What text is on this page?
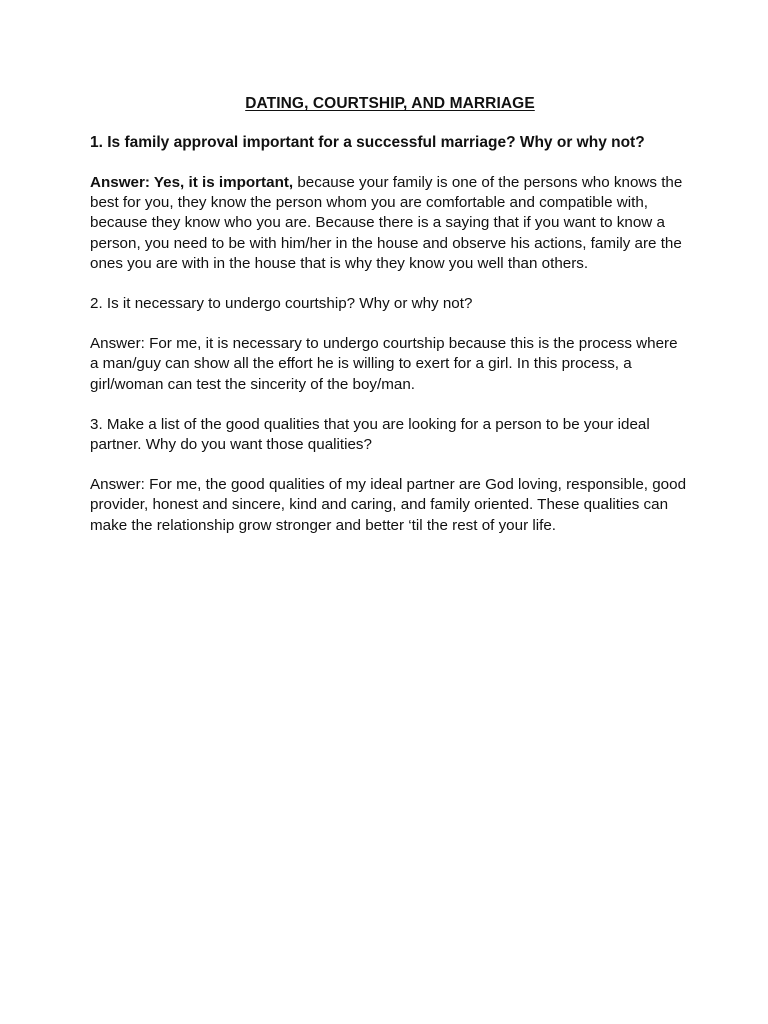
DATING, COURTSHIP, AND MARRIAGE

1. Is family approval important for a successful marriage? Why or why not?

Answer: Yes, it is important, because your family is one of the persons who knows the best for you, they know the person whom you are comfortable and compatible with, because they know who you are. Because there is a saying that if you want to know a person, you need to be with him/her in the house and observe his actions, family are the ones you are with in the house that is why they know you well than others.

2. Is it necessary to undergo courtship? Why or why not?

Answer: For me, it is necessary to undergo courtship because this is the process where a man/guy can show all the effort he is willing to exert for a girl. In this process, a girl/woman can test the sincerity of the boy/man.

3. Make a list of the good qualities that you are looking for a person to be your ideal partner. Why do you want those qualities?

Answer: For me, the good qualities of my ideal partner are God loving, responsible, good provider, honest and sincere, kind and caring, and family oriented. These qualities can make the relationship grow stronger and better ‘til the rest of your life.
